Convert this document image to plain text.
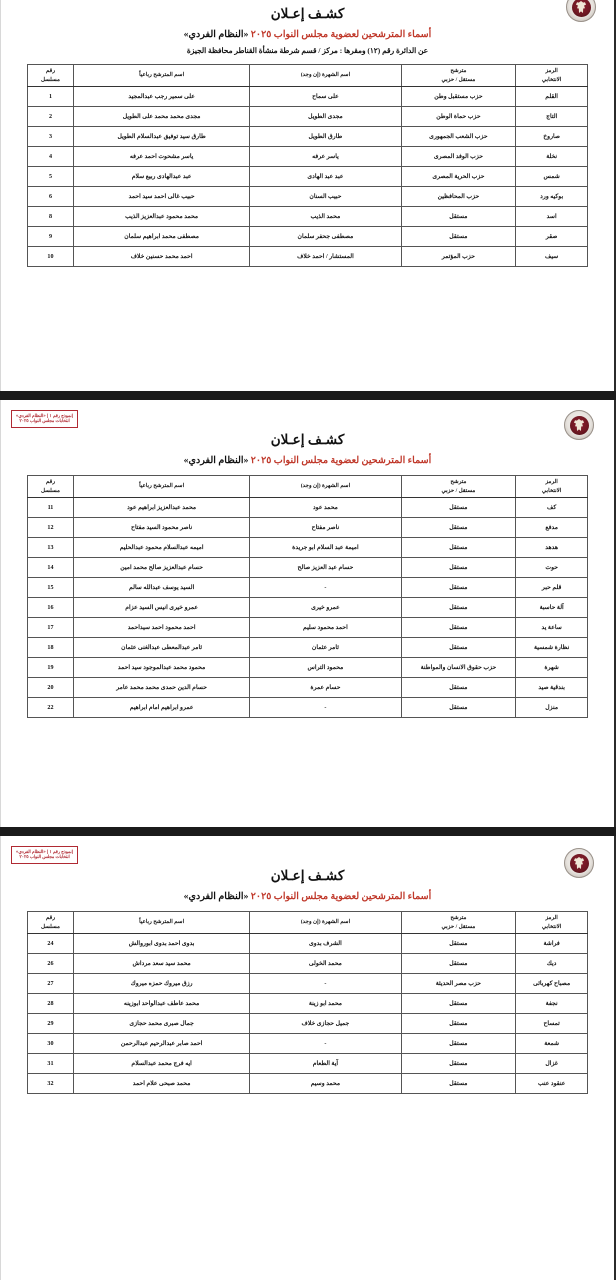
كشـف إعـلان
أسماء المترشحين لعضوية مجلس النواب ٢٠٢٥ «النظام الفردي»
عن الدائرة رقم (١٢) ومقرها : مركز / قسم شرطة منشأة القناطر محافظة الجيزة
الرمز
الانتخابي	مترشح
مستقل / حزبي	اسم الشهرة (إن وجد)	اسم المترشح رباعياً	رقم
مسلسل

القلم	حزب مستقبل وطن	على سماح	على سمير رجب عبدالمجيد	1
التاج	حزب حماة الوطن	مجدى الطويل	مجدى محمد محمد على الطويل	2
صاروخ	حزب الشعب الجمهورى	طارق الطويل	طارق سيد توفيق عبدالسلام الطويل	3
نخلة	حزب الوفد المصرى	ياسر عرفه	ياسر مشحوت احمد عرفه	4
شمس	حزب الحرية المصرى	عبد عبد الهادى	عبد عبدالهادى ربيع سلام	5
بوكيه ورد	حزب المحافظين	حبيب السنان	حبيب غالى احمد سيد احمد	6
اسد	مستقل	محمد الذيب	محمد محمود عبدالعزيز الذيب	8
صقر	مستقل	مصطفى جحفر سلمان	مصطفى محمد ابراهيم سلمان	9
سيف	حزب المؤتمر	المستشار / احمد خلاف	احمد محمد حسنين خلاف	10
(نموذج رقم ١ ) «النظام الفردي»
انتخابات مجلس النواب ٢٠٢٥
كشـف إعـلان
أسماء المترشحين لعضوية مجلس النواب ٢٠٢٥ «النظام الفردي»
الرمز
الانتخابي	مترشح
مستقل / حزبي	اسم الشهرة (إن وجد)	اسم المترشح رباعياً	رقم
مسلسل

كف	مستقل	محمد عود	محمد عبدالعزيز ابراهيم عود	11
مدفع	مستقل	ناصر مفتاح	ناصر محمود السيد مفتاح	12
هدهد	مستقل	اميمة عبد السلام ابو جريدة	اميمه عبدالسلام محمود عبدالحليم	13
حوت	مستقل	حسام عبد العزيز صالح	حسام عبدالعزيز صالح محمد امين	14
قلم حبر	مستقل	-	السيد يوسف عبدالله سالم	15
آلة حاسبة	مستقل	عمرو خيرى	عمرو خيرى انيس السيد عزام	16
ساعة يد	مستقل	احمد محمود سليم	احمد محمود احمد سيداحمد	17
نظارة شمسية	مستقل	ثامر عثمان	ثامر عبدالمعطى عبدالغنى عثمان	18
شهرة	حزب حقوق الانسان والمواطنة	محمود التراس	محمود محمد عبدالموجود سيد احمد	19
بندقية صيد	مستقل	حسام عمرة	حسام الدين حمدى محمد محمد عامر	20
منزل	مستقل	-	عمرو ابراهيم امام ابراهيم	22
(نموذج رقم ١ ) «النظام الفردي»
انتخابات مجلس النواب ٢٠٢٥
كشـف إعـلان
أسماء المترشحين لعضوية مجلس النواب ٢٠٢٥ «النظام الفردي»
الرمز
الانتخابي	مترشح
مستقل / حزبي	اسم الشهرة (إن وجد)	اسم المترشح رباعياً	رقم
مسلسل

فراشة	مستقل	الشرف بدوى	بدوى احمد بدوى ابوروالش	24
ديك	مستقل	محمد الخولى	محمد سيد سعد مرداش	26
مصباح كهربائى	حزب مصر الحديثة	-	رزق ميروك حمزه ميروك	27
نجفة	مستقل	محمد ابو زينة	محمد عاطف عبدالواحد ابوزينه	28
تمساح	مستقل	جميل حجازى خلاف	جمال صبرى محمد حجازى	29
شمعة	مستقل	-	احمد صابر عبدالرحيم عبدالرحمن	30
غزال	مستقل	آية الطعام	ايه فرج محمد عبدالسلام	31
عنقود عنب	مستقل	محمد وسيم	محمد صبحى علام احمد	32
